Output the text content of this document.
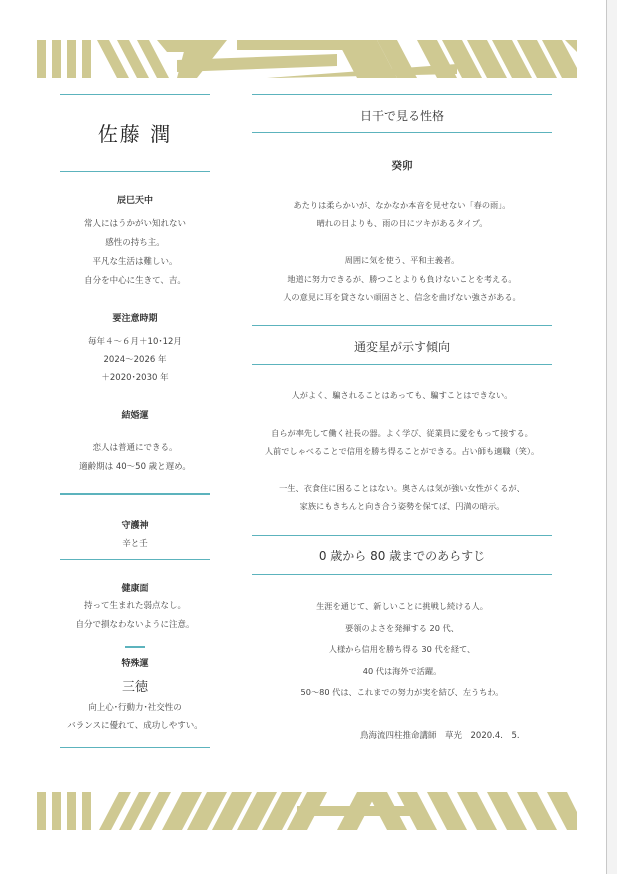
佐藤 潤
辰巳天中
常人にはうかがい知れない
感性の持ち主。
平凡な生活は難しい。
自分を中心に生きて、吉。
要注意時期
毎年４～６月＋10･12月
2024～2026 年
＋2020･2030 年
結婚運
恋人は普通にできる。
適齢期は 40～50 歳と遅め。
守護神
辛と壬
健康面
持って生まれた弱点なし。
自分で損なわないように注意。
特殊運
三徳
向上心･行動力･社交性の
バランスに優れて、成功しやすい。
日干で見る性格
癸卯
あたりは柔らかいが、なかなか本音を見せない「春の雨」。
晴れの日よりも、雨の日にツキがあるタイプ。
周囲に気を使う、平和主義者。
地道に努力できるが、勝つことよりも負けないことを考える。
人の意見に耳を貸さない頑固さと、信念を曲げない強さがある。
通変星が示す傾向
人がよく、騙されることはあっても、騙すことはできない。
自らが率先して働く社長の器。よく学び、従業員に愛をもって接する。
人前でしゃべることで信用を勝ち得ることができる。占い師も適職（笑）。
一生、衣食住に困ることはない。奥さんは気が強い女性がくるが、
家族にもきちんと向き合う姿勢を保てば、円満の暗示。
0 歳から 80 歳までのあらすじ
生涯を通じて、新しいことに挑戦し続ける人。
要領のよさを発揮する 20 代、
人様から信用を勝ち得る 30 代を経て、
40 代は海外で活躍。
50～80 代は、これまでの努力が実を結び、左うちわ。
鳥海流四柱推命講師　草光　2020.4.　5.
